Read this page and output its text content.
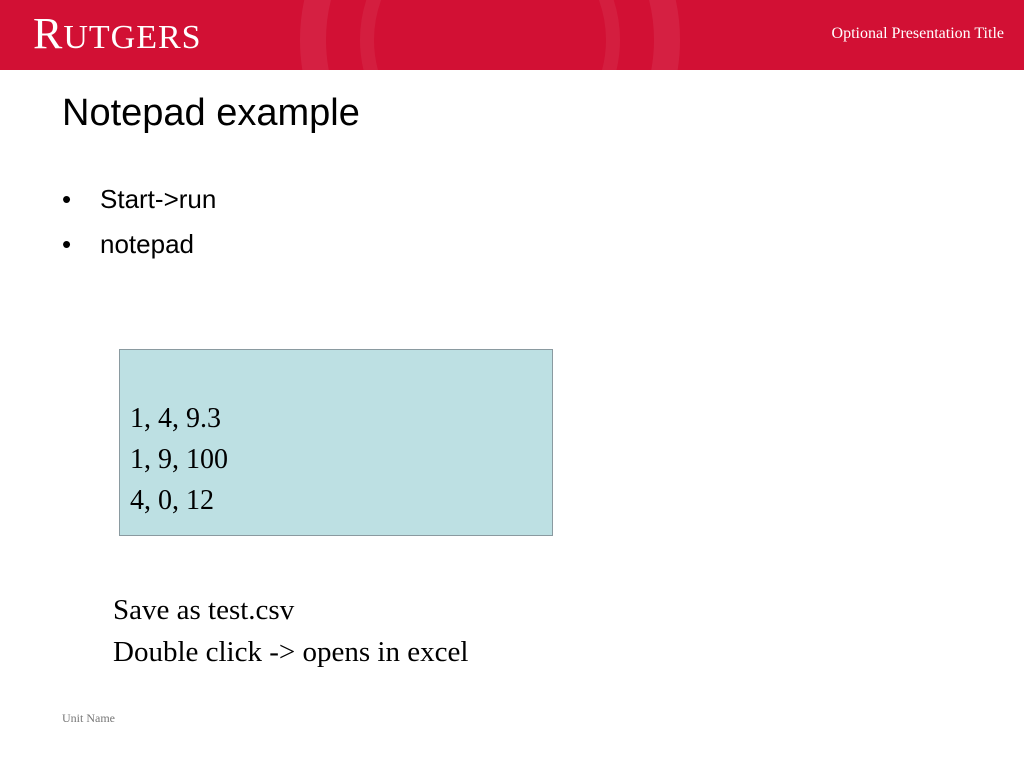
RUTGERS	Optional Presentation Title
Notepad example
•	Start->run
•	notepad
1, 4, 9.3
1, 9, 100
4, 0, 12
Save as test.csv
Double click -> opens in excel
Unit Name
